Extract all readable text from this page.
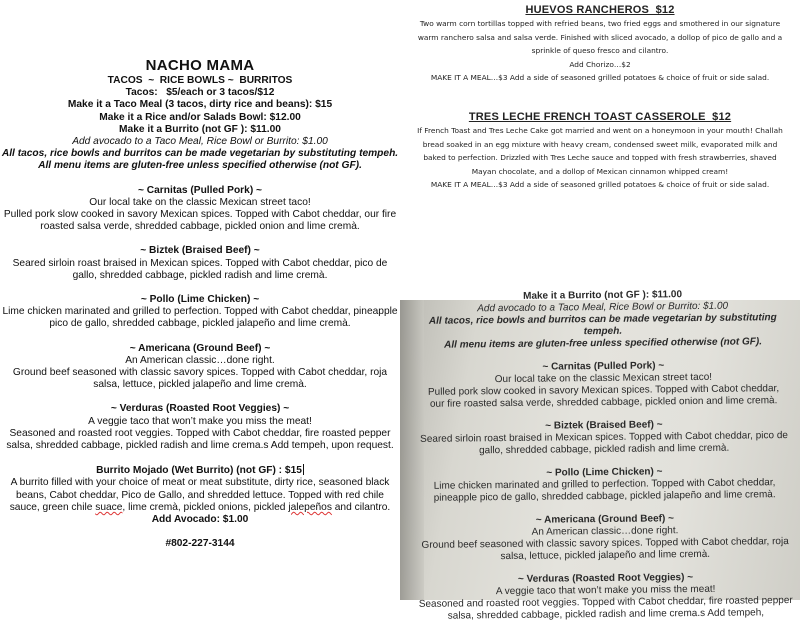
NACHO MAMA

TACOS  ~  RICE BOWLS ~  BURRITOS

Tacos:   $5/each or 3 tacos/$12

Make it a Taco Meal (3 tacos, dirty rice and beans): $15

Make it a Rice and/or Salads Bowl: $12.00

Make it a Burrito (not GF ): $11.00

Add avocado to a Taco Meal, Rice Bowl or Burrito: $1.00

All tacos, rice bowls and burritos can be made vegetarian by substituting tempeh.

All menu items are gluten-free unless specified otherwise (not GF).

~ Carnitas (Pulled Pork) ~

Our local take on the classic Mexican street taco!

Pulled pork slow cooked in savory Mexican spices. Topped with Cabot cheddar, our fire roasted salsa verde, shredded cabbage, pickled onion and lime cremà.

~ Biztek (Braised Beef) ~

Seared sirloin roast braised in Mexican spices. Topped with Cabot cheddar, pico de gallo, shredded cabbage, pickled radish and lime cremà.

~ Pollo (Lime Chicken) ~

Lime chicken marinated and grilled to perfection. Topped with Cabot cheddar, pineapple pico de gallo, shredded cabbage, pickled jalapeño and lime cremà.

~ Americana (Ground Beef) ~

An American classic…done right.

Ground beef seasoned with classic savory spices. Topped with Cabot cheddar, roja salsa, lettuce, pickled jalapeño and lime cremà.

~ Verduras (Roasted Root Veggies) ~

A veggie taco that won’t make you miss the meat!

Seasoned and roasted root veggies. Topped with Cabot cheddar, fire roasted pepper salsa, shredded cabbage, pickled radish and lime crema.s Add tempeh, upon request.

Burrito Mojado (Wet Burrito) (not GF) : $15

A burrito filled with your choice of meat or meat substitute, dirty rice, seasoned black beans, Cabot cheddar, Pico de Gallo, and shredded lettuce. Topped with red chile sauce, green chile suace, lime cremà, pickled onions, pickled jalepeños and cilantro.

Add Avocado: $1.00

#802-227-3144

HUEVOS RANCHEROS  $12

Two warm corn tortillas topped with refried beans, two fried eggs and smothered in our signature warm ranchero salsa and salsa verde. Finished with sliced avocado, a dollop of pico de gallo and a sprinkle of queso fresco and cilantro.

Add Chorizo…$2

MAKE IT A MEAL…$3 Add a side of seasoned grilled potatoes & choice of fruit or side salad.

TRES LECHE FRENCH TOAST CASSEROLE  $12

If French Toast and Tres Leche Cake got married and went on a honeymoon in your mouth! Challah bread soaked in an egg mixture with heavy cream, condensed sweet milk, evaporated milk and baked to perfection. Drizzled with Tres Leche sauce and topped with fresh strawberries, shaved Mayan chocolate, and a dollop of Mexican cinnamon whipped cream!

MAKE IT A MEAL…$3 Add a side of seasoned grilled potatoes & choice of fruit or side salad.

Make it a Burrito (not GF ): $11.00

Add avocado to a Taco Meal, Rice Bowl or Burrito: $1.00

All tacos, rice bowls and burritos can be made vegetarian by substituting tempeh.

All menu items are gluten-free unless specified otherwise (not GF).

~ Carnitas (Pulled Pork) ~

Our local take on the classic Mexican street taco!

Pulled pork slow cooked in savory Mexican spices. Topped with Cabot cheddar,

our fire roasted salsa verde, shredded cabbage, pickled onion and lime cremà.

~ Biztek (Braised Beef) ~

Seared sirloin roast braised in Mexican spices. Topped with Cabot cheddar, pico de

gallo, shredded cabbage, pickled radish and lime cremà.

~ Pollo (Lime Chicken) ~

Lime chicken marinated and grilled to perfection. Topped with Cabot cheddar,

pineapple pico de gallo, shredded cabbage, pickled jalapeño and lime cremà.

~ Americana (Ground Beef) ~

An American classic…done right.

Ground beef seasoned with classic savory spices. Topped with Cabot cheddar, roja

salsa, lettuce, pickled jalapeño and lime cremà.

~ Verduras (Roasted Root Veggies) ~

A veggie taco that won’t make you miss the meat!

Seasoned and roasted root veggies. Topped with Cabot cheddar, fire roasted pepper

salsa, shredded cabbage, pickled radish and lime crema.s Add tempeh,
